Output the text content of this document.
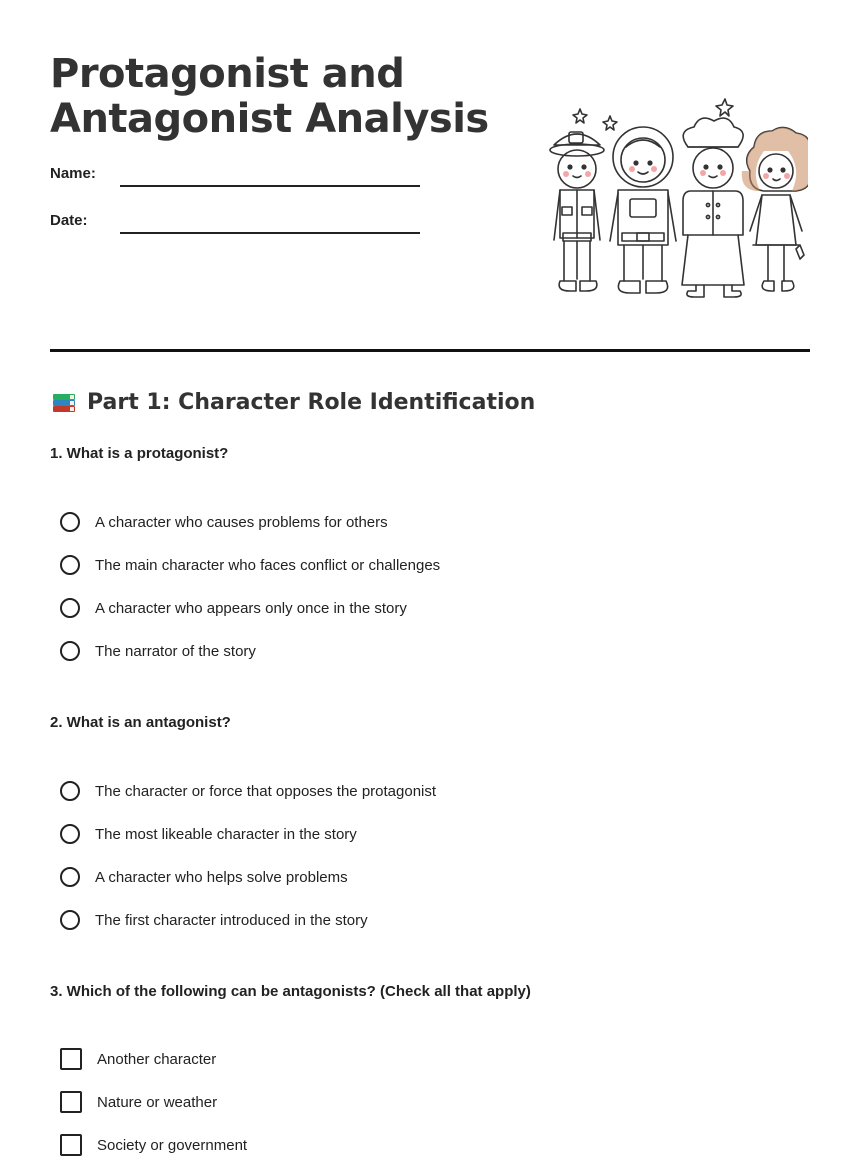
Protagonist and
Antagonist Analysis
Name:
Date:
Part 1: Character Role Identification
1. What is a protagonist?
A character who causes problems for others
The main character who faces conflict or challenges
A character who appears only once in the story
The narrator of the story
2. What is an antagonist?
The character or force that opposes the protagonist
The most likeable character in the story
A character who helps solve problems
The first character introduced in the story
3. Which of the following can be antagonists? (Check all that apply)
Another character
Nature or weather
Society or government
